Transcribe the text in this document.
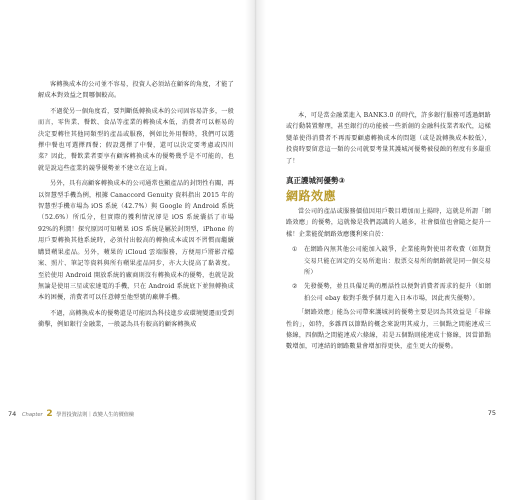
客轉換成本的公司並不容易，投資人必須站在顧客的角度，才能了解成本對效益之間哪個較高。

不過從另一個角度看，要判斷低轉換成本的公司固容易許多，一般而言，零售業、餐飲、食品等產業的轉換成本低，消費者可以輕易的決定要轉往其他同類型的產品或服務，例如比外用餐時，我們可以選擇中餐也可選擇西餐；假設選擇了中餐，還可以決定要考慮或四川菜？因此，餐飲業者要享有顧客轉換成本的優勢幾乎是不可能的，也就是說這些產業的競爭優勢並不建立在這上面。

另外，具有高顧客轉換成本的公司通常也顯產品的封閉性有關，再以智慧型手機為例，根據 Canaccord Genuity 資料指出 2015 年的智慧型手機市場為 iOS 系統（42.7%）與 Google 的 Android 系統（52.6%）所瓜分，但實際的獲利情況卻是 iOS 系統囊括了市場 92%的利潤！探究原因可知蘋果 iOS 系統是屬於封閉型，iPhone 的用戶要轉換其他系統時，必須付出較高的轉換成本或因不習慣而繼續購買蘋果產品。另外，蘋果的 iCloud 雲端服務，方便用戶將影音檔案、照片、筆記等資料與所有蘋果產品同步，亦大大提高了黏著度。至於使用 Android 開放系統的廠商則沒有轉換成本的優勢，也就是說無論是使用三星或宏達電的手機，只在 Android 系統底下並無轉換成本的困擾，消費者可以任意轉至他型號的廠牌手機。

不過，高轉換成本的優勢還是可能因為科技進步或環境變遷而受到衝擊，例如銀行金融業，一般認為具有較高的顧客轉換成

74 Chapter 2 學習投資法則｜改變人生的價值檢

本，可是當金融業進入 BANK3.0 的時代，許多銀行服務可透過網路或行動裝置辦理，甚至銀行的功能被一些新創的金融科技業者取代，這樣變革使得消費者不再需要顧慮轉換成本的問題（或是說轉換成本較低），投資時要留意這一類的公司就要考量其護城河優勢被侵蝕的程度有多嚴重了！

真正護城河優勢③
網路效應

當公司的產品或服務價值因用戶數目增加而上揚時，這就是所謂「網路效應」的優勢，這就像是我們認識的人越多，社會價值也會隨之提升一樣！企業能從網路效應獲利來自於：

① 在網路內無其他公司能加入競爭，企業能夠對使用者收費（如期貨交易只能在固定的交易所進出：股票交易所的網路就是同一個交易所）

② 先發優勢，並且具備足夠的壓話性以便對消費者需求的提升（如網拍公司 ebay 較對手幾乎個月進入日本市場，因此喪失優勢）。

「網路效應」能為公司帶來護城河的優勢主要是因為其效益是「非線性的」，如特，多雜西以節點的概念來說明其威力，三個點之間能連成三條線，四個點之間能連成六條線，若是五個點則能連成十條線，因當節點數增加，可連結的網路數量會增加得更快，產生更大的優勢。

75
